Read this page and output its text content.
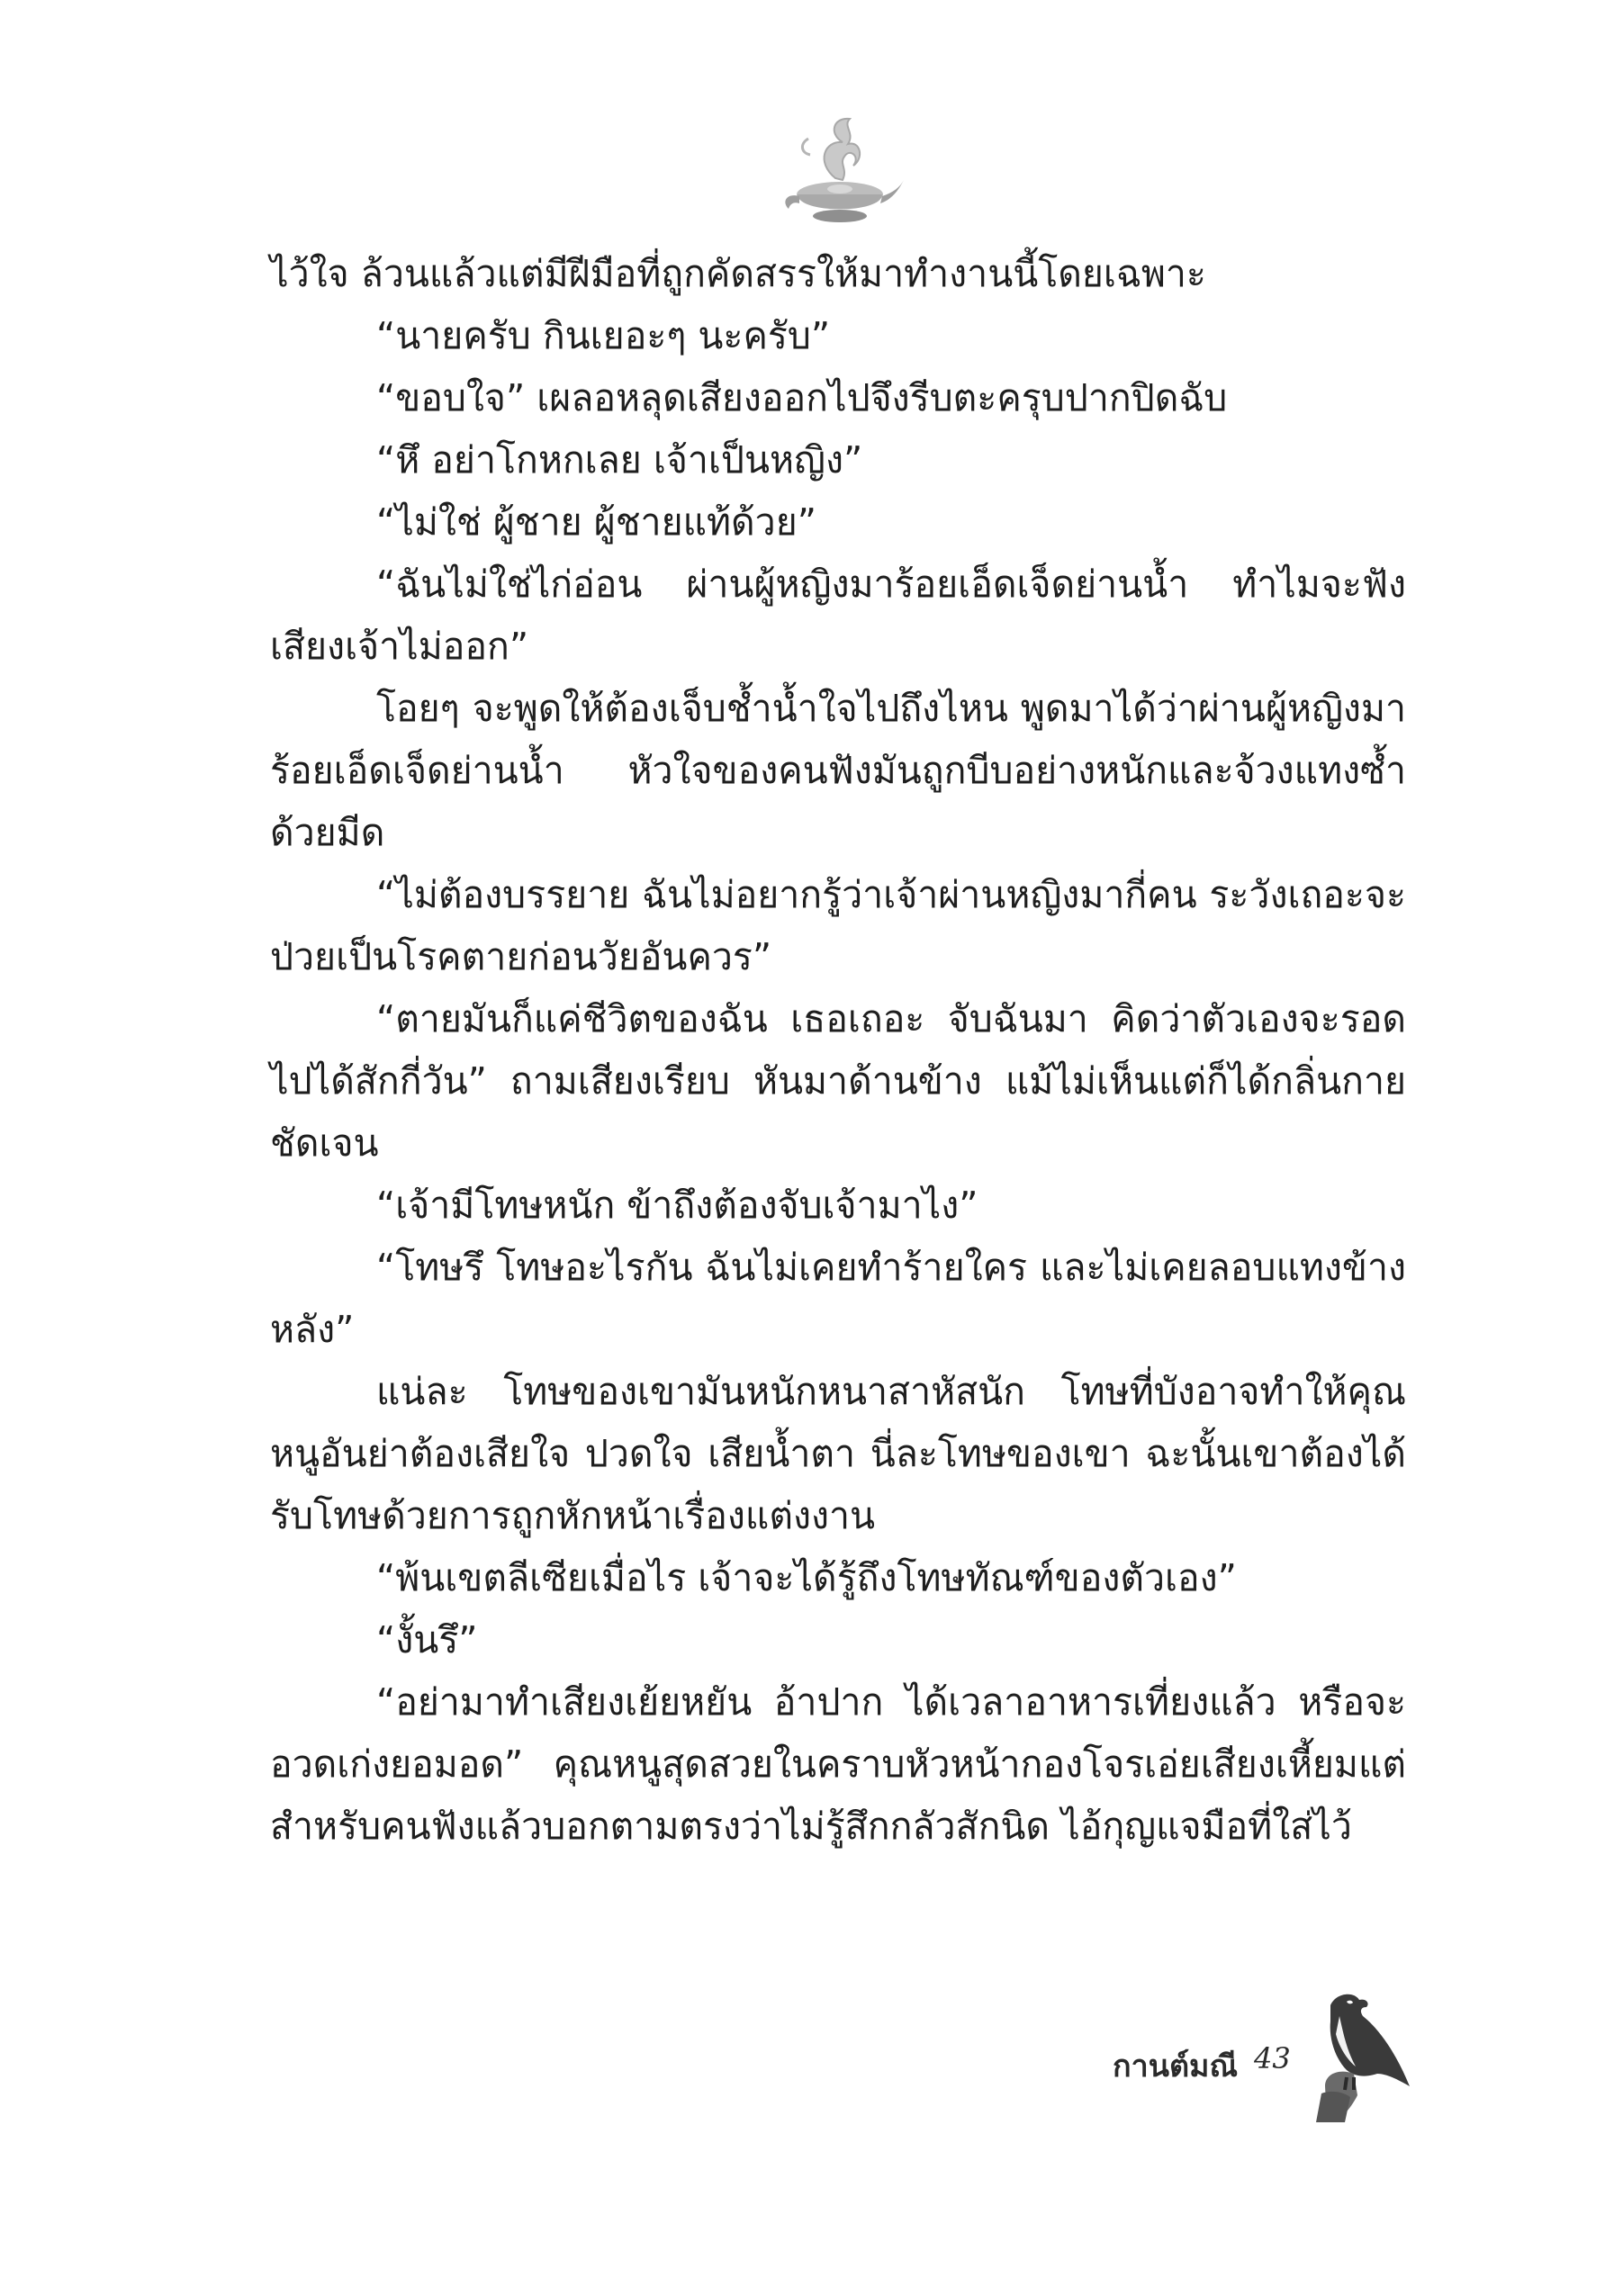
ไว้ใจ ล้วนแล้วแต่มีฝีมือที่ถูกคัดสรรให้มาทำงานนี้โดยเฉพาะ

“นายครับ กินเยอะๆ นะครับ”

“ขอบใจ” เผลอหลุดเสียงออกไปจึงรีบตะครุบปากปิดฉับ

“หึ อย่าโกหกเลย เจ้าเป็นหญิง”

“ไม่ใช่ ผู้ชาย ผู้ชายแท้ด้วย”

“ฉันไม่ใช่ไก่อ่อน ผ่านผู้หญิงมาร้อยเอ็ดเจ็ดย่านน้ำ ทำไมจะฟังเสียงเจ้าไม่ออก”

โอยๆ จะพูดให้ต้องเจ็บช้ำน้ำใจไปถึงไหน พูดมาได้ว่าผ่านผู้หญิงมาร้อยเอ็ดเจ็ดย่านน้ำ หัวใจของคนฟังมันถูกบีบอย่างหนักและจ้วงแทงซ้ำด้วยมีด

“ไม่ต้องบรรยาย ฉันไม่อยากรู้ว่าเจ้าผ่านหญิงมากี่คน ระวังเถอะจะป่วยเป็นโรคตายก่อนวัยอันควร”

“ตายมันก็แค่ชีวิตของฉัน เธอเถอะ จับฉันมา คิดว่าตัวเองจะรอดไปได้สักกี่วัน” ถามเสียงเรียบ หันมาด้านข้าง แม้ไม่เห็นแต่ก็ได้กลิ่นกายชัดเจน

“เจ้ามีโทษหนัก ข้าถึงต้องจับเจ้ามาไง”

“โทษรึ โทษอะไรกัน ฉันไม่เคยทำร้ายใคร และไม่เคยลอบแทงข้างหลัง”

แน่ละ โทษของเขามันหนักหนาสาหัสนัก โทษที่บังอาจทำให้คุณหนูอันย่าต้องเสียใจ ปวดใจ เสียน้ำตา นี่ละโทษของเขา ฉะนั้นเขาต้องได้รับโทษด้วยการถูกหักหน้าเรื่องแต่งงาน

“พ้นเขตลีเซียเมื่อไร เจ้าจะได้รู้ถึงโทษทัณฑ์ของตัวเอง”

“งั้นรึ”

“อย่ามาทำเสียงเย้ยหยัน อ้าปาก ได้เวลาอาหารเที่ยงแล้ว หรือจะอวดเก่งยอมอด” คุณหนูสุดสวยในคราบหัวหน้ากองโจรเอ่ยเสียงเหี้ยมแต่สำหรับคนฟังแล้วบอกตามตรงว่าไม่รู้สึกกลัวสักนิด ไอ้กุญแจมือที่ใส่ไว้

กานต์มณี 43
